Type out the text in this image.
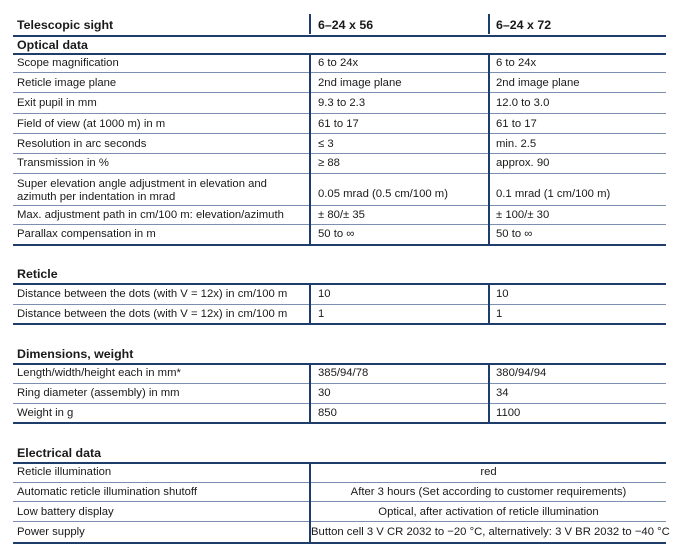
Telescopic sight	6–24 x 56	6–24 x 72
Optical data
Scope magnification	6 to 24x	6 to 24x
Reticle image plane	2nd image plane	2nd image plane
Exit pupil in mm	9.3 to 2.3	12.0 to 3.0
Field of view (at 1000 m) in m	61 to 17	61 to 17
Resolution in arc seconds	≤ 3	min. 2.5
Transmission in %	≥ 88	approx. 90
Super elevation angle adjustment in elevation and
azimuth per indentation in mrad	0.05 mrad (0.5 cm/100 m)	0.1 mrad (1 cm/100 m)
Max. adjustment path in cm/100 m: elevation/azimuth	± 80/± 35	± 100/± 30
Parallax compensation in m	50 to ∞	50 to ∞
Reticle
Distance between the dots (with V = 12x) in cm/100 m	10	10
Distance between the dots (with V = 12x) in cm/100 m	1	1
Dimensions, weight
Length/width/height each in mm*	385/94/78	380/94/94
Ring diameter (assembly) in mm	30	34
Weight in g	850	1100
Electrical data
Reticle illumination	red
Automatic reticle illumination shutoff	After 3 hours (Set according to customer requirements)
Low battery display	Optical, after activation of reticle illumination
Power supply	Button cell 3 V CR 2032 to −20 °C, alternatively: 3 V BR 2032 to −40 °C
